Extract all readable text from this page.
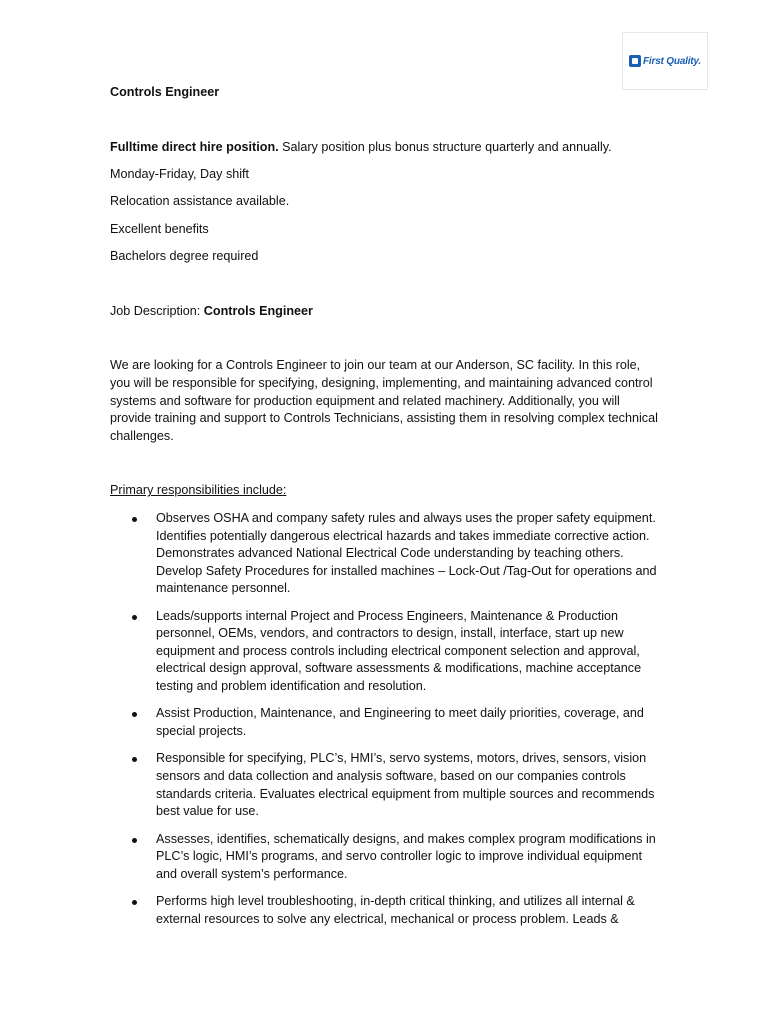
First Quality.

Controls Engineer

Fulltime direct hire position. Salary position plus bonus structure quarterly and annually.

Monday-Friday, Day shift

Relocation assistance available.

Excellent benefits

Bachelors degree required

Job Description: Controls Engineer

We are looking for a Controls Engineer to join our team at our Anderson, SC facility. In this role, you will be responsible for specifying, designing, implementing, and maintaining advanced control systems and software for production equipment and related machinery. Additionally, you will provide training and support to Controls Technicians, assisting them in resolving complex technical challenges.

Primary responsibilities include:

Observes OSHA and company safety rules and always uses the proper safety equipment. Identifies potentially dangerous electrical hazards and takes immediate corrective action. Demonstrates advanced National Electrical Code understanding by teaching others. Develop Safety Procedures for installed machines – Lock-Out /Tag-Out for operations and maintenance personnel.
Leads/supports internal Project and Process Engineers, Maintenance & Production personnel, OEMs, vendors, and contractors to design, install, interface, start up new equipment and process controls including electrical component selection and approval, electrical design approval, software assessments & modifications, machine acceptance testing and problem identification and resolution.
Assist Production, Maintenance, and Engineering to meet daily priorities, coverage, and special projects.
Responsible for specifying, PLC’s, HMI’s, servo systems, motors, drives, sensors, vision sensors and data collection and analysis software, based on our companies controls standards criteria. Evaluates electrical equipment from multiple sources and recommends best value for use.
Assesses, identifies, schematically designs, and makes complex program modifications in PLC’s logic, HMI’s programs, and servo controller logic to improve individual equipment and overall system’s performance.
Performs high level troubleshooting, in-depth critical thinking, and utilizes all internal & external resources to solve any electrical, mechanical or process problem. Leads &
